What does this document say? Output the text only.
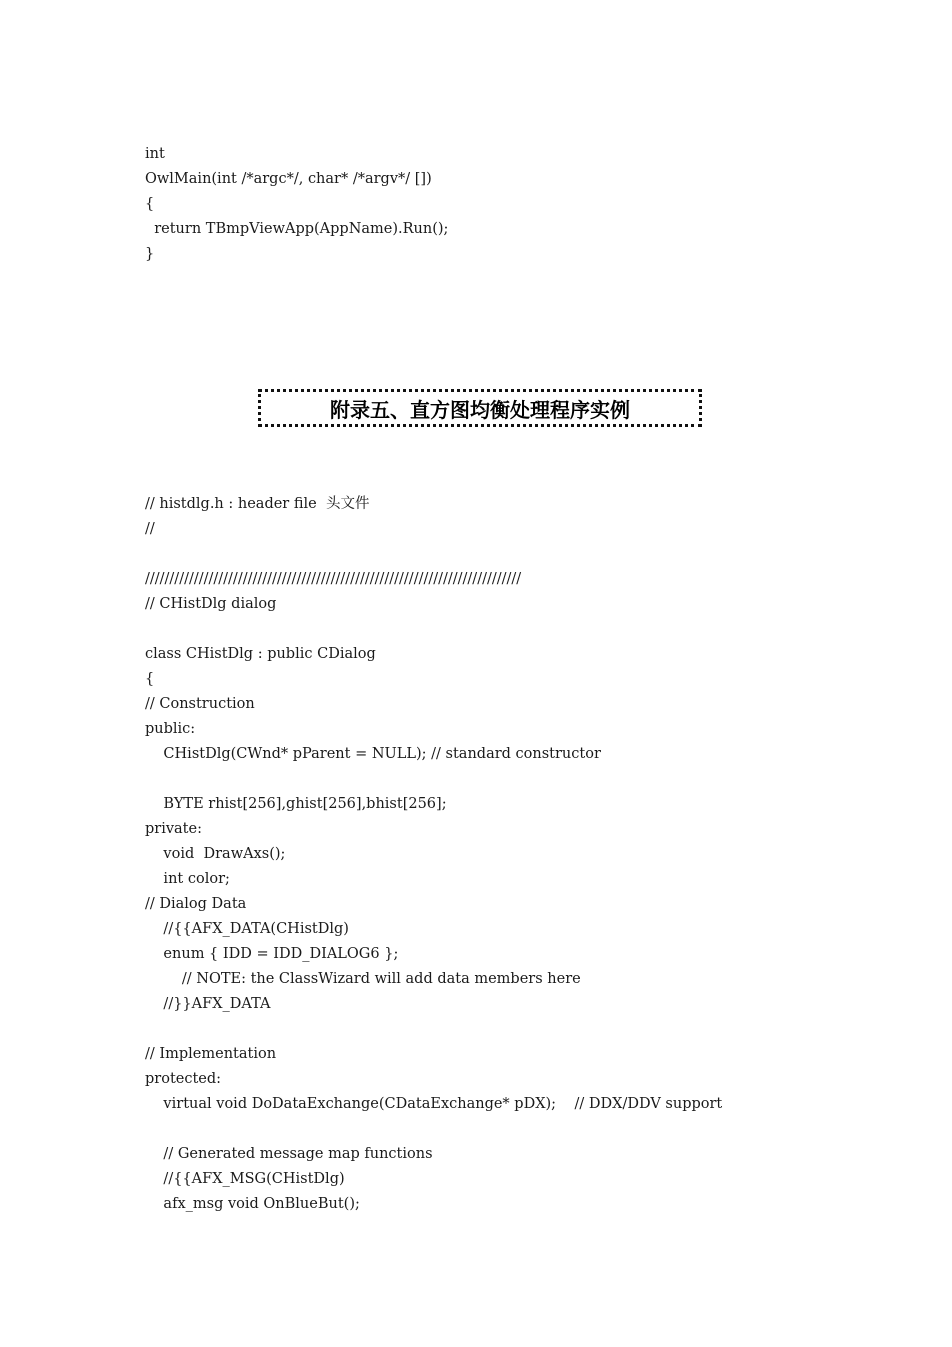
int
OwlMain(int /*argc*/, char* /*argv*/ [])
{
return TBmpViewApp(AppName).Run();
}
附录五、直方图均衡处理程序实例
// histdlg.h : header file  头文件
//
/////////////////////////////////////////////////////////////////////////////
// CHistDlg dialog
class CHistDlg : public CDialog
{
// Construction
public:
CHistDlg(CWnd* pParent = NULL); // standard constructor
BYTE rhist[256],ghist[256],bhist[256];
private:
void  DrawAxs();
int color;
// Dialog Data
//{{AFX_DATA(CHistDlg)
enum { IDD = IDD_DIALOG6 };
// NOTE: the ClassWizard will add data members here
//}}AFX_DATA
// Implementation
protected:
virtual void DoDataExchange(CDataExchange* pDX);    // DDX/DDV support
// Generated message map functions
//{{AFX_MSG(CHistDlg)
afx_msg void OnBlueBut();
